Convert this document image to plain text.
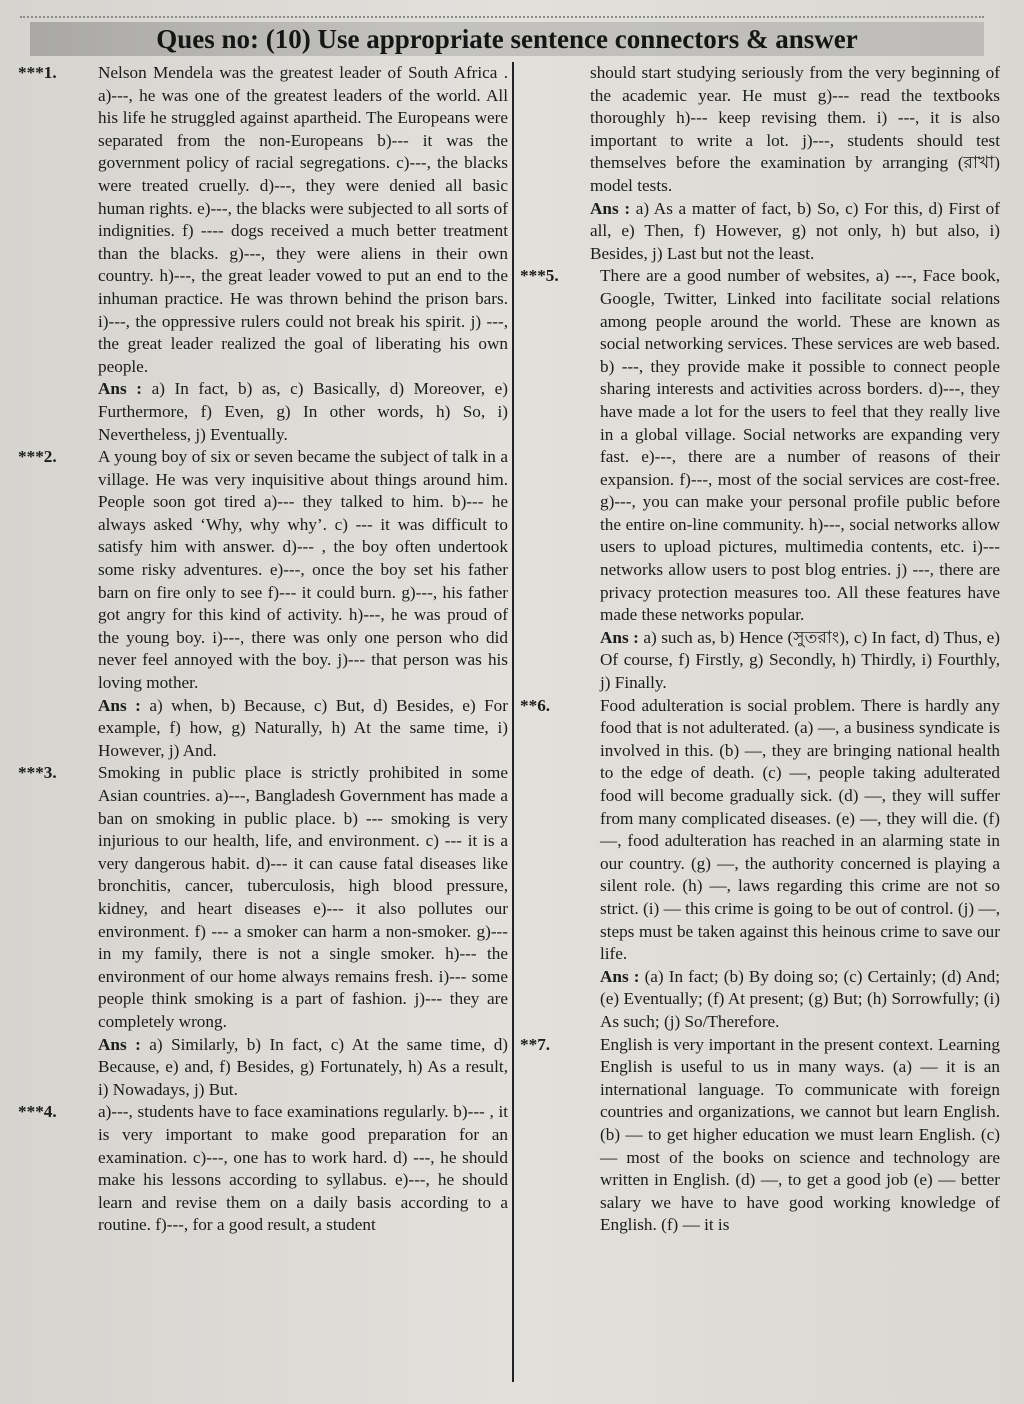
Ques no: (10) Use appropriate sentence connectors & answer
***1.	Nelson Mendela was the greatest leader of South Africa . a)---, he was one of the greatest leaders of the world. All his life he struggled against apartheid. The Europeans were separated from the non-Europeans b)--- it was the government policy of racial segregations. c)---, the blacks were treated cruelly. d)---, they were denied all basic human rights. e)---, the blacks were subjected to all sorts of indignities. f) ---- dogs received a much better treatment than the blacks. g)---, they were aliens in their own country. h)---, the great leader vowed to put an end to the inhuman practice. He was thrown behind the prison bars. i)---, the oppressive rulers could not break his spirit. j) ---, the great leader realized the goal of liberating his own people.

Ans : a) In fact, b) as, c) Basically, d) Moreover, e) Furthermore, f) Even, g) In other words, h) So, i) Nevertheless, j) Eventually.

***2.	A young boy of six or seven became the subject of talk in a village. He was very inquisitive about things around him. People soon got tired a)--- they talked to him. b)--- he always asked ‘Why, why why’. c) --- it was difficult to satisfy him with answer. d)--- , the boy often undertook some risky adventures. e)---, once the boy set his father barn on fire only to see f)--- it could burn. g)---, his father got angry for this kind of activity. h)---, he was proud of the young boy. i)---, there was only one person who did never feel annoyed with the boy. j)--- that person was his loving mother.

Ans : a) when, b) Because, c) But, d) Besides, e) For example, f) how, g) Naturally, h) At the same time, i) However, j) And.

***3.	Smoking in public place is strictly prohibited in some Asian countries. a)---, Bangladesh Government has made a ban on smoking in public place. b) --- smoking is very injurious to our health, life, and environment. c) --- it is a very dangerous habit. d)--- it can cause fatal diseases like bronchitis, cancer, tuberculosis, high blood pressure, kidney, and heart diseases e)--- it also pollutes our environment. f) --- a smoker can harm a non-smoker. g)--- in my family, there is not a single smoker. h)--- the environment of our home always remains fresh. i)--- some people think smoking is a part of fashion. j)--- they are completely wrong.

Ans : a) Similarly, b) In fact, c) At the same time, d) Because, e) and, f) Besides, g) Fortunately, h) As a result, i) Nowadays, j) But.

***4.	a)---, students have to face examinations regularly. b)--- , it is very important to make good preparation for an examination. c)---, one has to work hard. d) ---, he should make his lessons according to syllabus. e)---, he should learn and revise them on a daily basis according to a routine. f)---, for a good result, a student

should start studying seriously from the very beginning of the academic year. He must g)--- read the textbooks thoroughly h)--- keep revising them. i) ---, it is also important to write a lot. j)---, students should test themselves before the examination by arranging (রাখা) model tests.

Ans : a) As a matter of fact, b) So, c) For this, d) First of all, e) Then, f) However, g) not only, h) but also, i) Besides, j) Last but not the least.

***5.	There are a good number of websites, a) ---, Face book, Google, Twitter, Linked into facilitate social relations among people around the world. These are known as social networking services. These services are web based. b) ---, they provide make it possible to connect people sharing interests and activities across borders. d)---, they have made a lot for the users to feel that they really live in a global village. Social networks are expanding very fast. e)---, there are a number of reasons of their expansion. f)---, most of the social services are cost-free. g)---, you can make your personal profile public before the entire on-line community. h)---, social networks allow users to upload pictures, multimedia contents, etc. i)--- networks allow users to post blog entries. j) ---, there are privacy protection measures too. All these features have made these networks popular.

Ans : a) such as, b) Hence (সুতরাং), c) In fact, d) Thus, e) Of course, f) Firstly, g) Secondly, h) Thirdly, i) Fourthly, j) Finally.

**6.	Food adulteration is social problem. There is hardly any food that is not adulterated. (a) —, a business syndicate is involved in this. (b) —, they are bringing national health to the edge of death. (c) —, people taking adulterated food will become gradually sick. (d) —, they will suffer from many complicated diseases. (e) —, they will die. (f) —, food adulteration has reached in an alarming state in our country. (g) —, the authority concerned is playing a silent role. (h) —, laws regarding this crime are not so strict. (i) — this crime is going to be out of control. (j) —, steps must be taken against this heinous crime to save our life.

Ans : (a) In fact; (b) By doing so; (c) Certainly; (d) And; (e) Eventually; (f) At present; (g) But; (h) Sorrowfully; (i) As such; (j) So/Therefore.

**7.	English is very important in the present context. Learning English is useful to us in many ways. (a) — it is an international language. To communicate with foreign countries and organizations, we cannot but learn English. (b) — to get higher education we must learn English. (c) — most of the books on science and technology are written in English. (d) —, to get a good job (e) — better salary we have to have good working knowledge of English. (f) — it is
